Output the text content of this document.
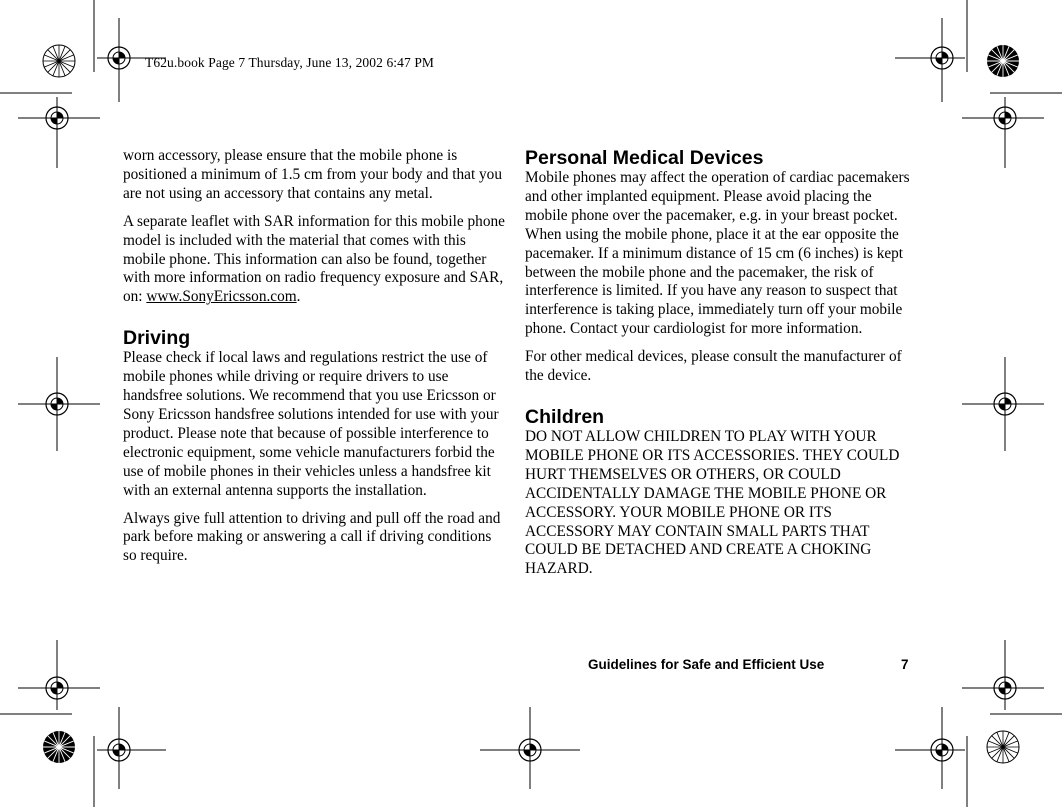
T62u.book Page 7 Thursday, June 13, 2002 6:47 PM

worn accessory, please ensure that the mobile phone is positioned a minimum of 1.5 cm from your body and that you are not using an accessory that contains any metal.

A separate leaflet with SAR information for this mobile phone model is included with the material that comes with this mobile phone. This information can also be found, together with more information on radio frequency exposure and SAR, on: www.SonyEricsson.com.

Driving

Please check if local laws and regulations restrict the use of mobile phones while driving or require drivers to use handsfree solutions. We recommend that you use Ericsson or Sony Ericsson handsfree solutions intended for use with your product. Please note that because of possible interference to electronic equipment, some vehicle manufacturers forbid the use of mobile phones in their vehicles unless a handsfree kit with an external antenna supports the installation.

Always give full attention to driving and pull off the road and park before making or answering a call if driving conditions so require.

Personal Medical Devices

Mobile phones may affect the operation of cardiac pacemakers and other implanted equipment. Please avoid placing the mobile phone over the pacemaker, e.g. in your breast pocket. When using the mobile phone, place it at the ear opposite the pacemaker. If a minimum distance of 15 cm (6 inches) is kept between the mobile phone and the pacemaker, the risk of interference is limited. If you have any reason to suspect that interference is taking place, immediately turn off your mobile phone. Contact your cardiologist for more information.

For other medical devices, please consult the manufacturer of the device.

Children

DO NOT ALLOW CHILDREN TO PLAY WITH YOUR MOBILE PHONE OR ITS ACCESSORIES. THEY COULD HURT THEMSELVES OR OTHERS, OR COULD ACCIDENTALLY DAMAGE THE MOBILE PHONE OR ACCESSORY. YOUR MOBILE PHONE OR ITS ACCESSORY MAY CONTAIN SMALL PARTS THAT COULD BE DETACHED AND CREATE A CHOKING HAZARD.

Guidelines for Safe and Efficient Use	7
